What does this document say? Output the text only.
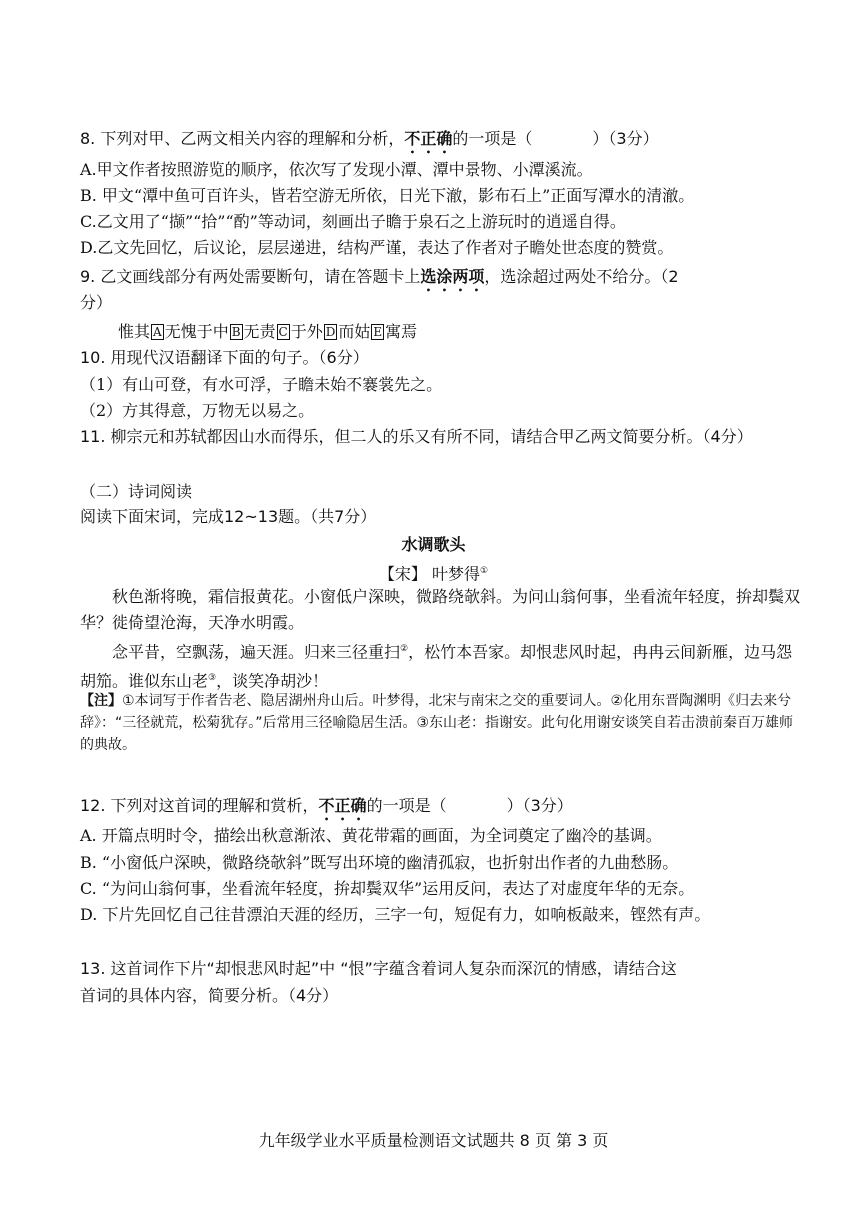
8. 下列对甲、乙两文相关内容的理解和分析，不正确的一项是（	）（3分）
A.甲文作者按照游览的顺序，依次写了发现小潭、潭中景物、小潭溪流。
B. 甲文“潭中鱼可百许头，皆若空游无所依，日光下澈，影布石上”正面写潭水的清澈。
C.乙文用了“撷”“拾”“酌”等动词，刻画出子瞻于泉石之上游玩时的逍遥自得。
D.乙文先回忆，后议论，层层递进，结构严谨，表达了作者对子瞻处世态度的赞赏。
9. 乙文画线部分有两处需要断句，请在答题卡上选涂两项，选涂超过两处不给分。（2
分）
惟其 A 无愧于中 B 无责 C 于外 D 而姑 E 寓焉
10. 用现代汉语翻译下面的句子。（6分）
（1）有山可登，有水可浮，子瞻未始不褰裳先之。
（2）方其得意，万物无以易之。
11. 柳宗元和苏轼都因山水而得乐，但二人的乐又有所不同，请结合甲乙两文简要分析。（4分）
（二）诗词阅读
阅读下面宋词，完成12~13题。（共7分）
水调歌头
【宋】 叶梦得①
秋色渐将晚，霜信报黄花。小窗低户深映，微路绕欹斜。为问山翁何事，坐看流年轻度，拚却鬓双华？徙倚望沧海，天净水明霞。
念平昔，空飘荡，遍天涯。归来三径重扫②，松竹本吾家。却恨悲风时起，冉冉云间新雁，边马怨胡笳。谁似东山老③，谈笑净胡沙！
【注】①本词写于作者告老、隐居湖州舟山后。叶梦得，北宋与南宋之交的重要词人。②化用东晋陶渊明《归去来兮辞》：“三径就荒，松菊犹存。”后常用三径喻隐居生活。③东山老：指谢安。此句化用谢安谈笑自若击溃前秦百万雄师的典故。
12. 下列对这首词的理解和赏析，不正确的一项是（	）（3分）
A. 开篇点明时令，描绘出秋意渐浓、黄花带霜的画面，为全词奠定了幽冷的基调。
B. “小窗低户深映，微路绕欹斜”既写出环境的幽清孤寂，也折射出作者的九曲愁肠。
C. “为问山翁何事，坐看流年轻度，拚却鬓双华”运用反问，表达了对虚度年华的无奈。
D. 下片先回忆自己往昔漂泊天涯的经历，三字一句，短促有力，如响板敲来，铿然有声。
13. 这首词作下片“却恨悲风时起”中 “恨”字蕴含着词人复杂而深沉的情感，请结合这
首词的具体内容，简要分析。（4分）
九年级学业水平质量检测语文试题共 8 页 第 3 页
